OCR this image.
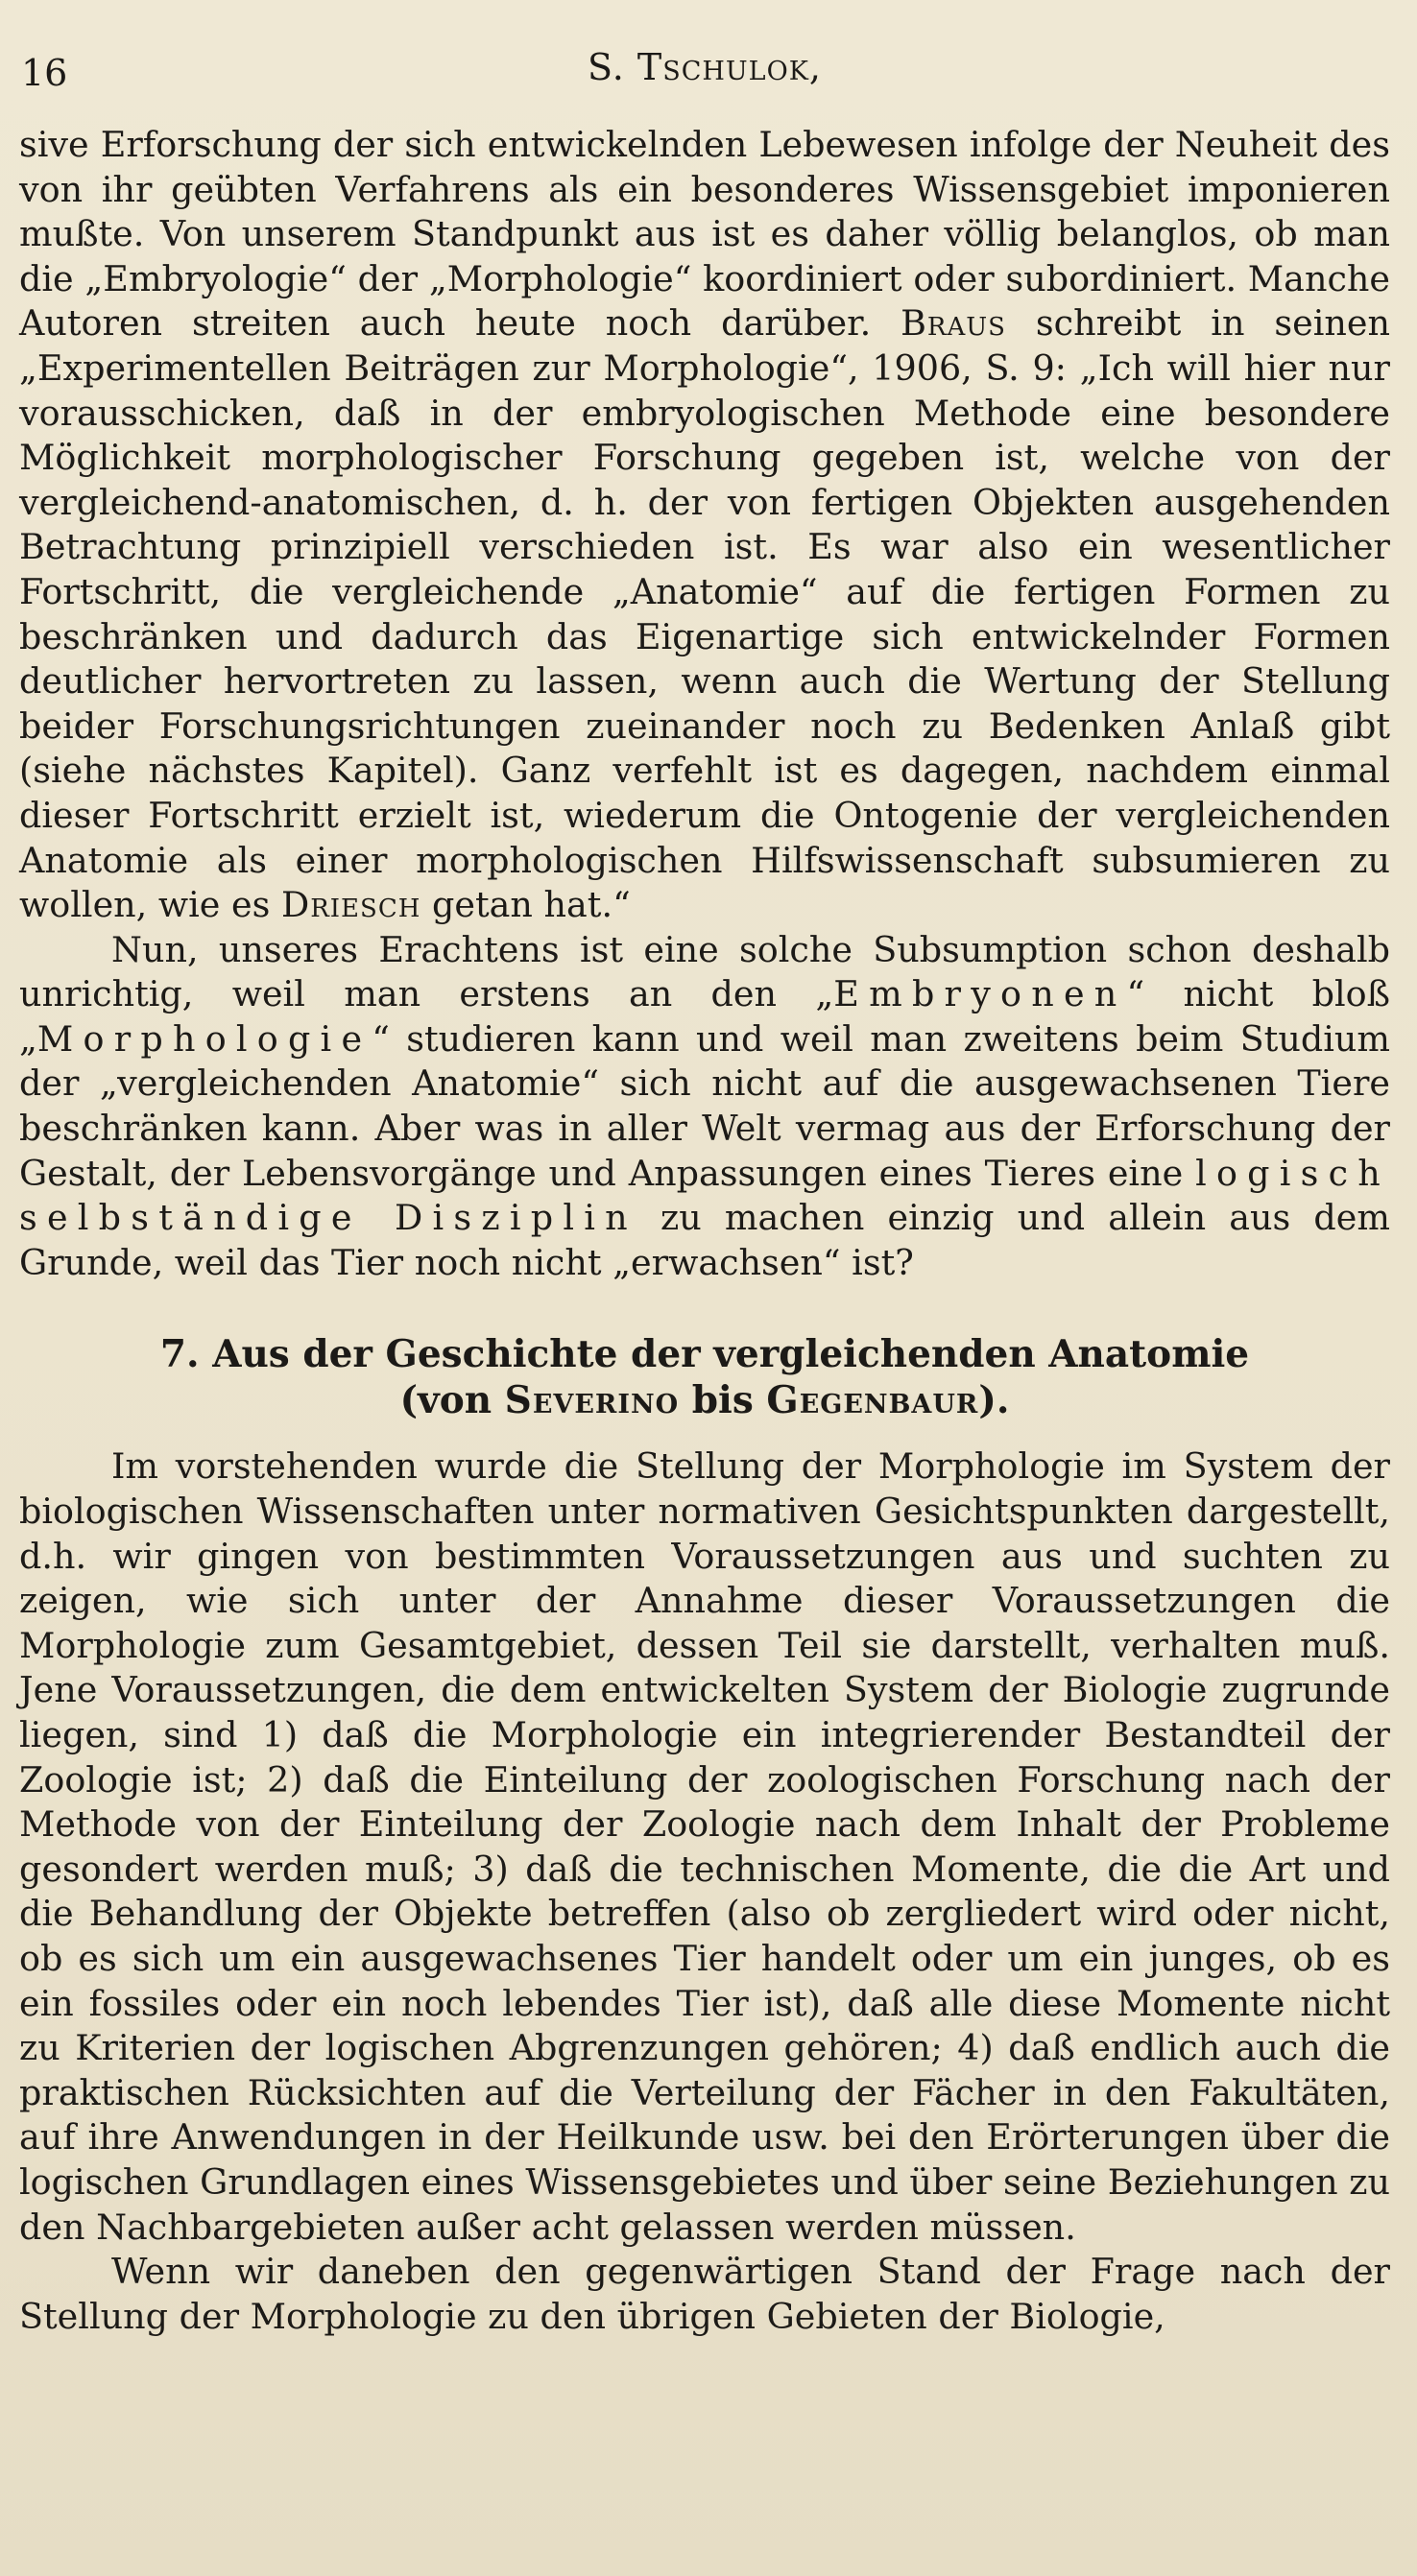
16	S. Tschulok,

sive Erforschung der sich entwickelnden Lebewesen infolge der Neuheit des von ihr geübten Verfahrens als ein besonderes Wissensgebiet imponieren mußte. Von unserem Standpunkt aus ist es daher völlig belanglos, ob man die „Embryologie“ der „Morphologie“ koordiniert oder subordiniert. Manche Autoren streiten auch heute noch darüber. Braus schreibt in seinen „Experimentellen Beiträgen zur Morphologie“, 1906, S. 9: „Ich will hier nur vorausschicken, daß in der embryologischen Methode eine besondere Möglichkeit morphologischer Forschung gegeben ist, welche von der vergleichend-anatomischen, d. h. der von fertigen Objekten ausgehenden Betrachtung prinzipiell verschieden ist. Es war also ein wesentlicher Fortschritt, die vergleichende „Anatomie“ auf die fertigen Formen zu beschränken und dadurch das Eigenartige sich entwickelnder Formen deutlicher hervortreten zu lassen, wenn auch die Wertung der Stellung beider Forschungsrichtungen zueinander noch zu Bedenken Anlaß gibt (siehe nächstes Kapitel). Ganz verfehlt ist es dagegen, nachdem einmal dieser Fortschritt erzielt ist, wiederum die Ontogenie der vergleichenden Anatomie als einer morphologischen Hilfswissenschaft subsumieren zu wollen, wie es Driesch getan hat.“

Nun, unseres Erachtens ist eine solche Subsumption schon deshalb unrichtig, weil man erstens an den „Embryonen“ nicht bloß „Morphologie“ studieren kann und weil man zweitens beim Studium der „vergleichenden Anatomie“ sich nicht auf die ausgewachsenen Tiere beschränken kann. Aber was in aller Welt vermag aus der Erforschung der Gestalt, der Lebensvorgänge und Anpassungen eines Tieres eine logisch selbständige Disziplin zu machen einzig und allein aus dem Grunde, weil das Tier noch nicht „erwachsen“ ist?

7. Aus der Geschichte der vergleichenden Anatomie
(von Severino bis Gegenbaur).

Im vorstehenden wurde die Stellung der Morphologie im System der biologischen Wissenschaften unter normativen Gesichtspunkten dargestellt, d.h. wir gingen von bestimmten Voraussetzungen aus und suchten zu zeigen, wie sich unter der Annahme dieser Voraussetzungen die Morphologie zum Gesamtgebiet, dessen Teil sie darstellt, verhalten muß. Jene Voraussetzungen, die dem entwickelten System der Biologie zugrunde liegen, sind 1) daß die Morphologie ein integrierender Bestandteil der Zoologie ist; 2) daß die Einteilung der zoologischen Forschung nach der Methode von der Einteilung der Zoologie nach dem Inhalt der Probleme gesondert werden muß; 3) daß die technischen Momente, die die Art und die Behandlung der Objekte betreffen (also ob zergliedert wird oder nicht, ob es sich um ein ausgewachsenes Tier handelt oder um ein junges, ob es ein fossiles oder ein noch lebendes Tier ist), daß alle diese Momente nicht zu Kriterien der logischen Abgrenzungen gehören; 4) daß endlich auch die praktischen Rücksichten auf die Verteilung der Fächer in den Fakultäten, auf ihre Anwendungen in der Heilkunde usw. bei den Erörterungen über die logischen Grundlagen eines Wissensgebietes und über seine Beziehungen zu den Nachbargebieten außer acht gelassen werden müssen.

Wenn wir daneben den gegenwärtigen Stand der Frage nach der Stellung der Morphologie zu den übrigen Gebieten der Biologie,
